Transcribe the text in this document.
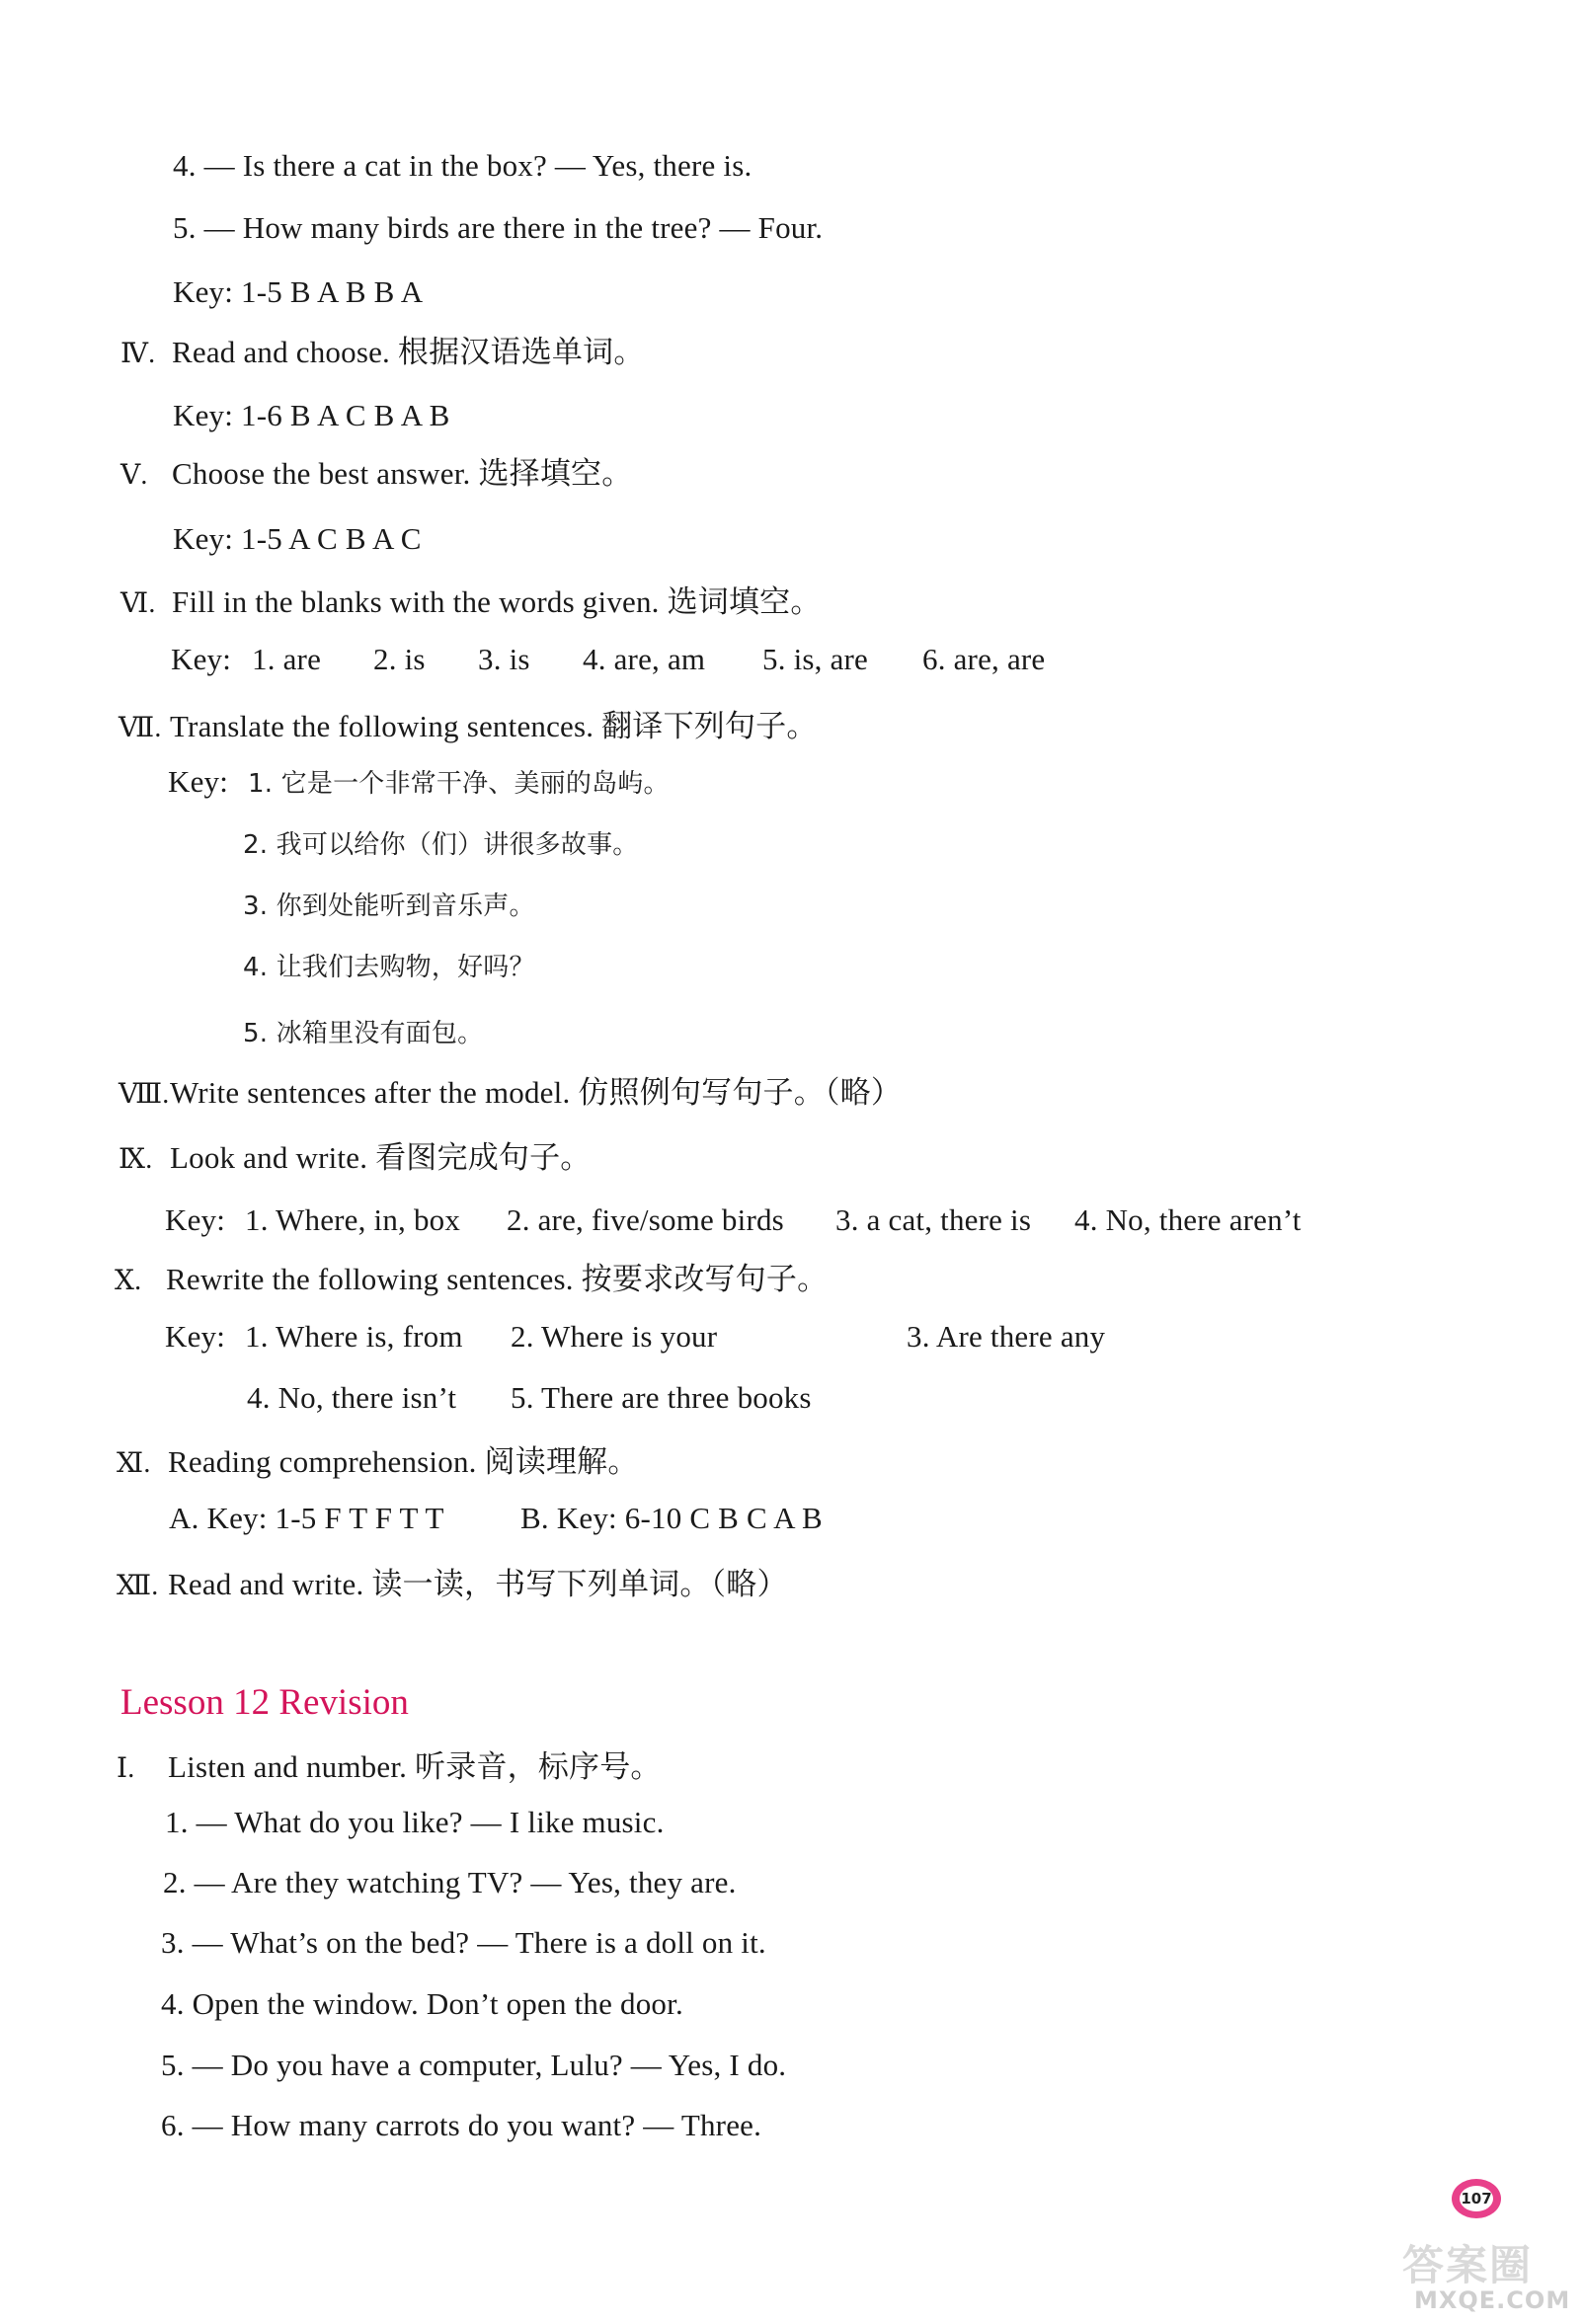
4. — Is there a cat in the box? — Yes, there is.
5. — How many birds are there in the tree? — Four.
Key: 1-5 B A B B A
Ⅳ. Read and choose. 根据汉语选单词。
Key: 1-6 B A C B A B
Ⅴ. Choose the best answer. 选择填空。
Key: 1-5 A C B A C
Ⅵ. Fill in the blanks with the words given. 选词填空。
Key: 1. are 2. is 3. is 4. are, am 5. is, are 6. are, are
Ⅶ. Translate the following sentences. 翻译下列句子。
Key: 1. 它是一个非常干净、美丽的岛屿。
2. 我可以给你（们）讲很多故事。
3. 你到处能听到音乐声。
4. 让我们去购物，好吗？
5. 冰箱里没有面包。
Ⅷ.Write sentences after the model. 仿照例句写句子。（略）
Ⅸ. Look and write. 看图完成句子。
Key: 1. Where, in, box 2. are, five/some birds 3. a cat, there is 4. No, there aren’t
Ⅹ. Rewrite the following sentences. 按要求改写句子。
Key: 1. Where is, from 2. Where is your	3. Are there any
4. No, there isn’t 5. There are three books
Ⅺ. Reading comprehension. 阅读理解。
A. Key: 1-5 F T F T T B. Key: 6-10 C B C A B
Ⅻ. Read and write. 读一读，书写下列单词。（略）
Lesson 12 Revision
Ⅰ. Listen and number. 听录音，标序号。
1. — What do you like? — I like music.
2. — Are they watching TV? — Yes, they are.
3. — What’s on the bed? — There is a doll on it.
4. Open the window. Don’t open the door.
5. — Do you have a computer, Lulu? — Yes, I do.
6. — How many carrots do you want? — Three.
107
答案圈
MXQE.COM
